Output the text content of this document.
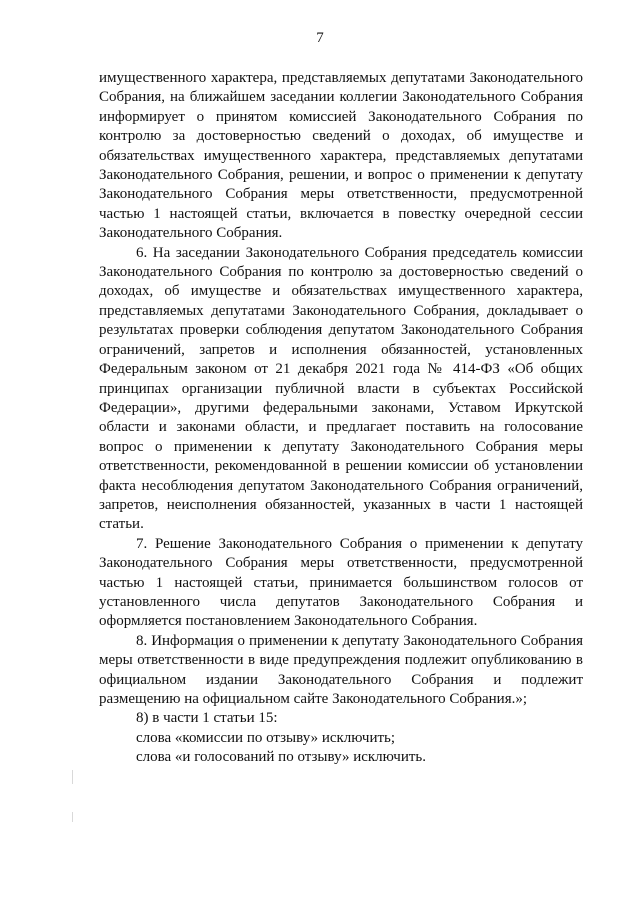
7

имущественного характера, представляемых депутатами Законодательного Собрания, на ближайшем заседании коллегии Законодательного Собрания информирует о принятом комиссией Законодательного Собрания по контролю за достоверностью сведений о доходах, об имуществе и обязательствах имущественного характера, представляемых депутатами Законодательного Собрания, решении, и вопрос о применении к депутату Законодательного Собрания меры ответственности, предусмотренной частью 1 настоящей статьи, включается в повестку очередной сессии Законодательного Собрания.

6. На заседании Законодательного Собрания председатель комиссии Законодательного Собрания по контролю за достоверностью сведений о доходах, об имуществе и обязательствах имущественного характера, представляемых депутатами Законодательного Собрания, докладывает о результатах проверки соблюдения депутатом Законодательного Собрания ограничений, запретов и исполнения обязанностей, установленных Федеральным законом от 21 декабря 2021 года № 414-ФЗ «Об общих принципах организации публичной власти в субъектах Российской Федерации», другими федеральными законами, Уставом Иркутской области и законами области, и предлагает поставить на голосование вопрос о применении к депутату Законодательного Собрания меры ответственности, рекомендованной в решении комиссии об установлении факта несоблюдения депутатом Законодательного Собрания ограничений, запретов, неисполнения обязанностей, указанных в части 1 настоящей статьи.

7. Решение Законодательного Собрания о применении к депутату Законодательного Собрания меры ответственности, предусмотренной частью 1 настоящей статьи, принимается большинством голосов от установленного числа депутатов Законодательного Собрания и оформляется постановлением Законодательного Собрания.

8. Информация о применении к депутату Законодательного Собрания меры ответственности в виде предупреждения подлежит опубликованию в официальном издании Законодательного Собрания и подлежит размещению на официальном сайте Законодательного Собрания.»;

8) в части 1 статьи 15:

слова «комиссии по отзыву» исключить;

слова «и голосований по отзыву» исключить.
